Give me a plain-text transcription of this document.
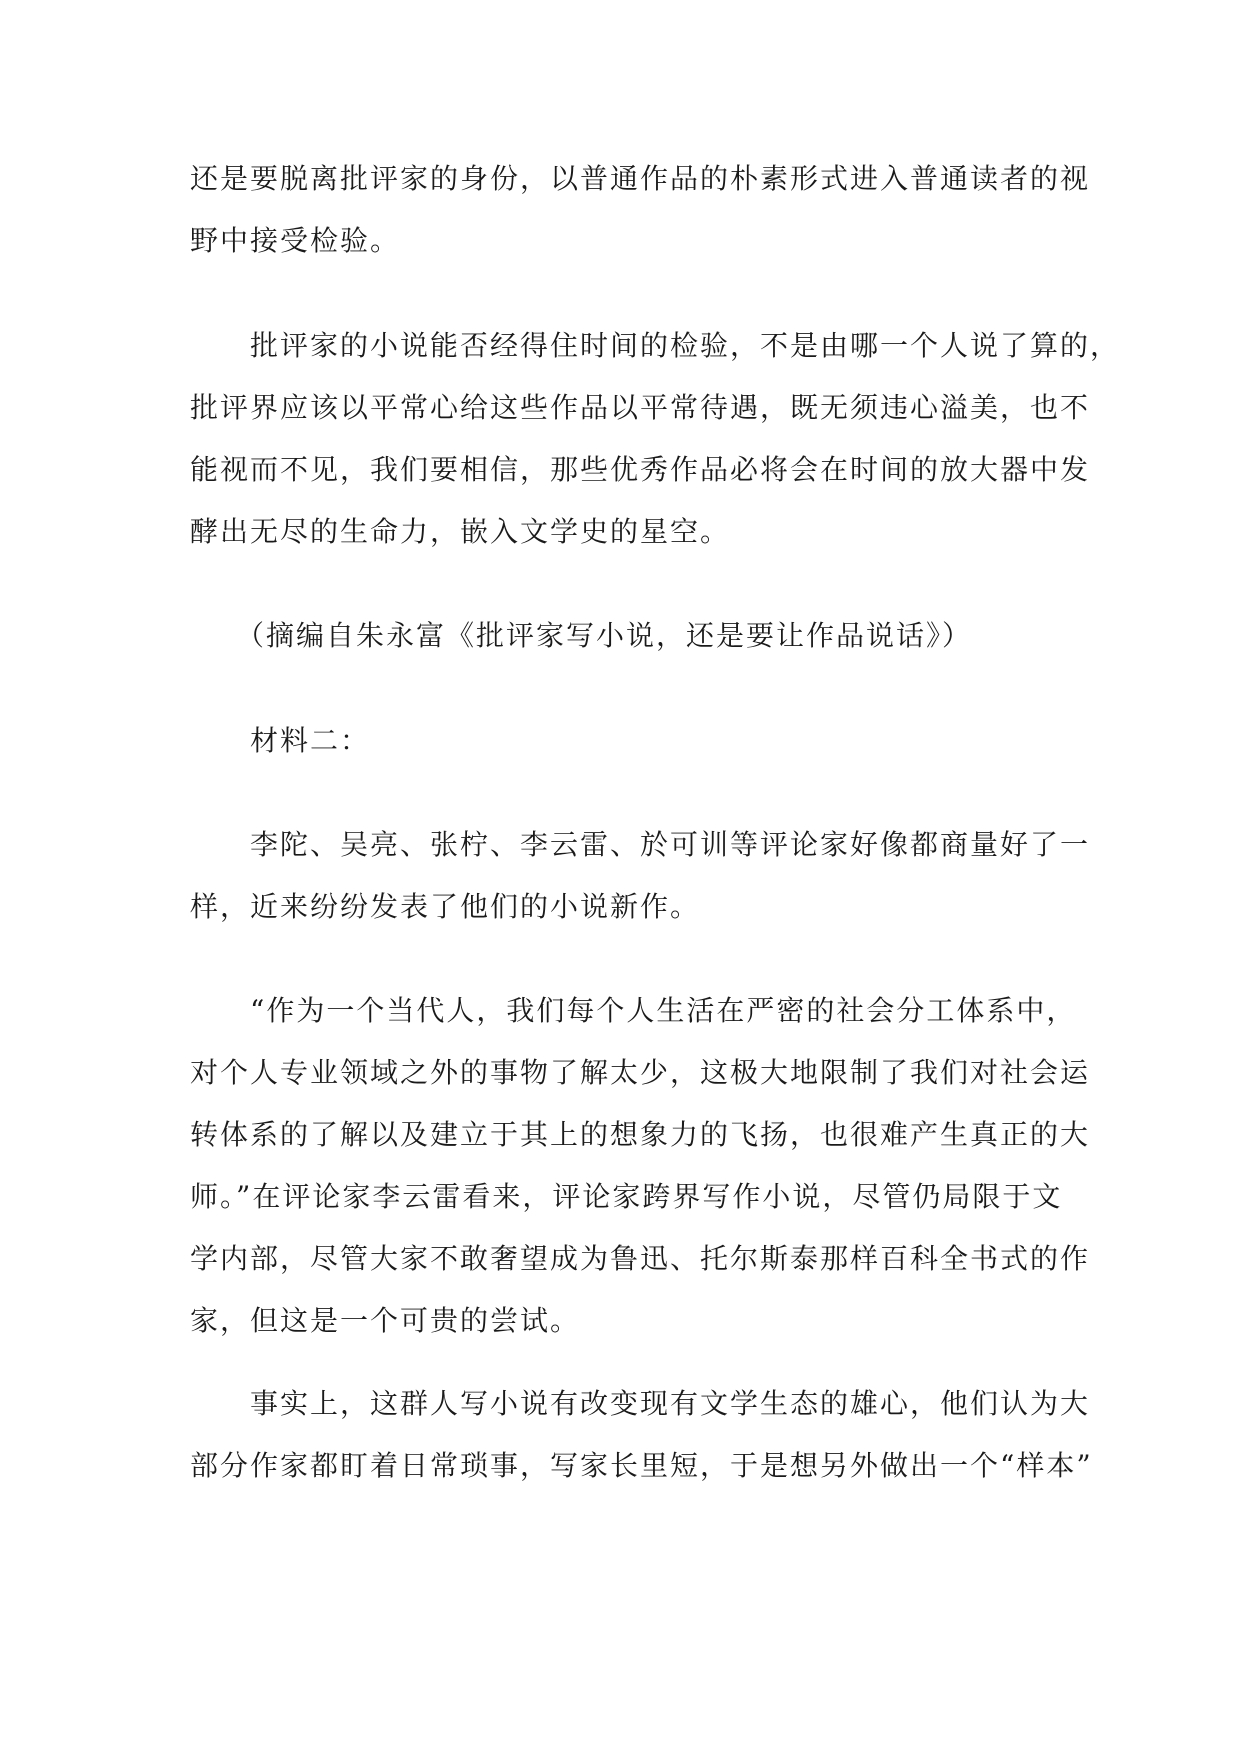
还是要脱离批评家的身份，以普通作品的朴素形式进入普通读者的视
野中接受检验。
　　批评家的小说能否经得住时间的检验，不是由哪一个人说了算的，
批评界应该以平常心给这些作品以平常待遇，既无须违心溢美，也不
能视而不见，我们要相信，那些优秀作品必将会在时间的放大器中发
酵出无尽的生命力，嵌入文学史的星空。
　　（摘编自朱永富《批评家写小说，还是要让作品说话》）
　　材料二：
　　李陀、吴亮、张柠、李云雷、於可训等评论家好像都商量好了一
样，近来纷纷发表了他们的小说新作。
　　“作为一个当代人，我们每个人生活在严密的社会分工体系中，
对个人专业领域之外的事物了解太少，这极大地限制了我们对社会运
转体系的了解以及建立于其上的想象力的飞扬，也很难产生真正的大
师。”在评论家李云雷看来，评论家跨界写作小说，尽管仍局限于文
学内部，尽管大家不敢奢望成为鲁迅、托尔斯泰那样百科全书式的作
家，但这是一个可贵的尝试。
　　事实上，这群人写小说有改变现有文学生态的雄心，他们认为大
部分作家都盯着日常琐事，写家长里短，于是想另外做出一个“样本”
